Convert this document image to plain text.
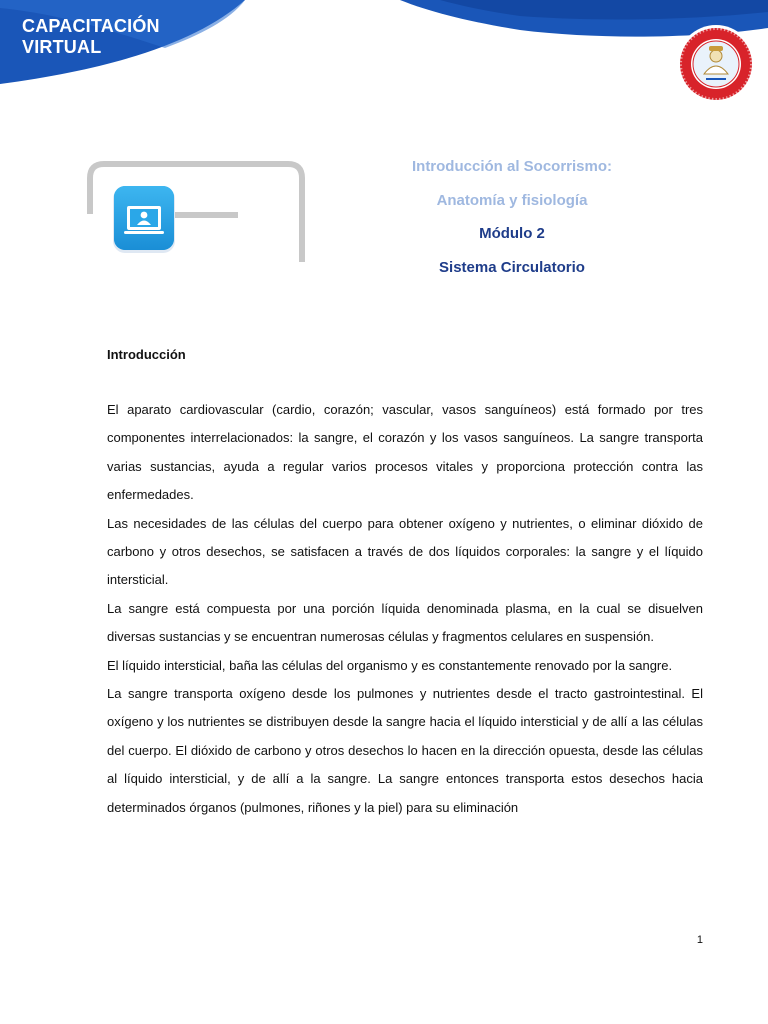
CAPACITACIÓN
VIRTUAL
Introducción al Socorrismo:
Anatomía y fisiología
Módulo 2
Sistema Circulatorio

Introducción

El aparato cardiovascular (cardio, corazón; vascular, vasos sanguíneos) está formado por tres componentes interrelacionados: la sangre, el corazón y los vasos sanguíneos. La sangre transporta varias sustancias, ayuda a regular varios procesos vitales y proporciona protección contra las enfermedades.

Las necesidades de las células del cuerpo para obtener oxígeno y nutrientes, o eliminar dióxido de carbono y otros desechos, se satisfacen a través de dos líquidos corporales: la sangre y el líquido intersticial.

La sangre está compuesta por una porción líquida denominada plasma, en la cual se disuelven diversas sustancias y se encuentran numerosas células y fragmentos celulares en suspensión.

El líquido intersticial, baña las células del organismo y es constantemente renovado por la sangre.

La sangre transporta oxígeno desde los pulmones y nutrientes desde el tracto gastrointestinal. El oxígeno y los nutrientes se distribuyen desde la sangre hacia el líquido intersticial y de allí a las células del cuerpo. El dióxido de carbono y otros desechos lo hacen en la dirección opuesta, desde las células al líquido intersticial, y de allí a la sangre. La sangre entonces transporta estos desechos hacia determinados órganos (pulmones, riñones y la piel) para su eliminación

1
